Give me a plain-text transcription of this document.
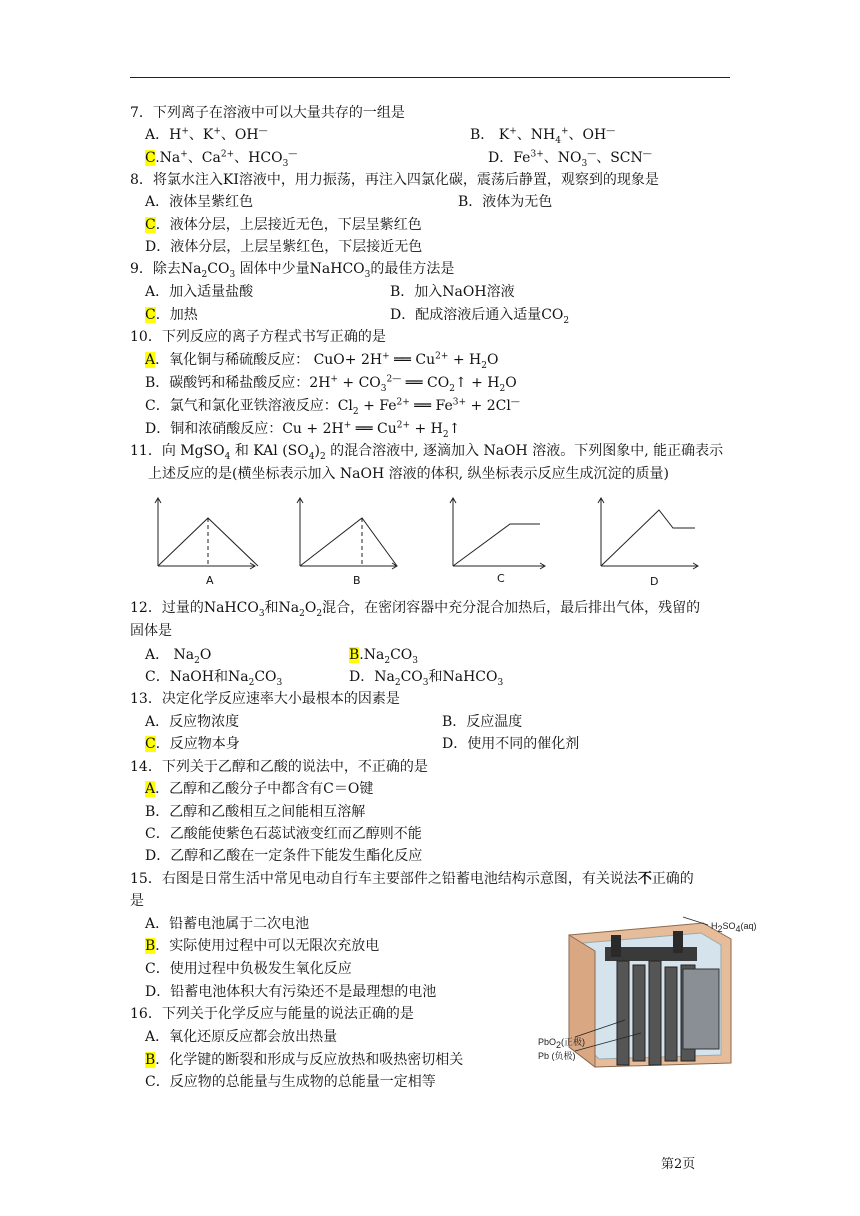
7．下列离子在溶液中可以大量共存的一组是
A．H+、K+、OH—	B． K+、$NH_4^+$、OH—
C.Na+、$Ca^{2+}$、$HCO_3^—$	D．$Fe^{3+}$、$NO_3^—$、SCN—
8．将氯水注入KI溶液中，用力振荡，再注入四氯化碳，震荡后静置，观察到的现象是
A．液体呈紫红色	B．液体为无色
C．液体分层，上层接近无色，下层呈紫红色
D．液体分层，上层呈紫红色，下层接近无色
9．除去$Na_2CO_3$ 固体中少量NaHCO$_3$的最佳方法是
A．加入适量盐酸	B．加入NaOH溶液
C．加热	D．配成溶液后通入适量$CO_2$
10．下列反应的离子方程式书写正确的是
A．氧化铜与稀硫酸反应： CuO+ 2H+ ══ $Cu^{2+} + H_2O$
B．碳酸钙和稀盐酸反应：$2H^+ + CO_3^{2—}$ ══ $CO_2↑ + H_2O$
C．氯气和氯化亚铁溶液反应：$Cl_2 + Fe^{2+}$ ══ $Fe^{3+} + 2Cl^—$
D．铜和浓硝酸反应：Cu + 2H+ ══ $Cu^{2+}$ + $H_2↑$
11．向 MgSO$_4$ 和 KAl $(SO_4)_2$ 的混合溶液中, 逐滴加入 NaOH 溶液。下列图象中, 能正确表示
上述反应的是(横坐标表示加入 NaOH 溶液的体积, 纵坐标表示反应生成沉淀的质量)
A	B	C	D
12．过量的NaHCO$_3$和$Na_2O_2$混合，在密闭容器中充分混合加热后，最后排出气体，残留的
固体是
A． $Na_2O$	$B.Na_2CO_3$
C．NaOH和$Na_2CO_3$	D．$Na_2CO_3$和NaHCO$_3$
13．决定化学反应速率大小最根本的因素是
A．反应物浓度	B．反应温度
C．反应物本身	D．使用不同的催化剂
14．下列关于乙醇和乙酸的说法中，不正确的是
A．乙醇和乙酸分子中都含有C＝O键
B．乙醇和乙酸相互之间能相互溶解
C．乙酸能使紫色石蕊试液变红而乙醇则不能
D．乙醇和乙酸在一定条件下能发生酯化反应
15．右图是日常生活中常见电动自行车主要部件之铅蓄电池结构示意图，有关说法不正确的
是
A．铅蓄电池属于二次电池
B．实际使用过程中可以无限次充放电
C．使用过程中负极发生氧化反应
D．铅蓄电池体积大有污染还不是最理想的电池
$H_2SO_4(aq)$
PbO$_2$(正极)
Pb (负极)
16．下列关于化学反应与能量的说法正确的是
A．氧化还原反应都会放出热量
B．化学键的断裂和形成与反应放热和吸热密切相关
C．反应物的总能量与生成物的总能量一定相等
第2页
